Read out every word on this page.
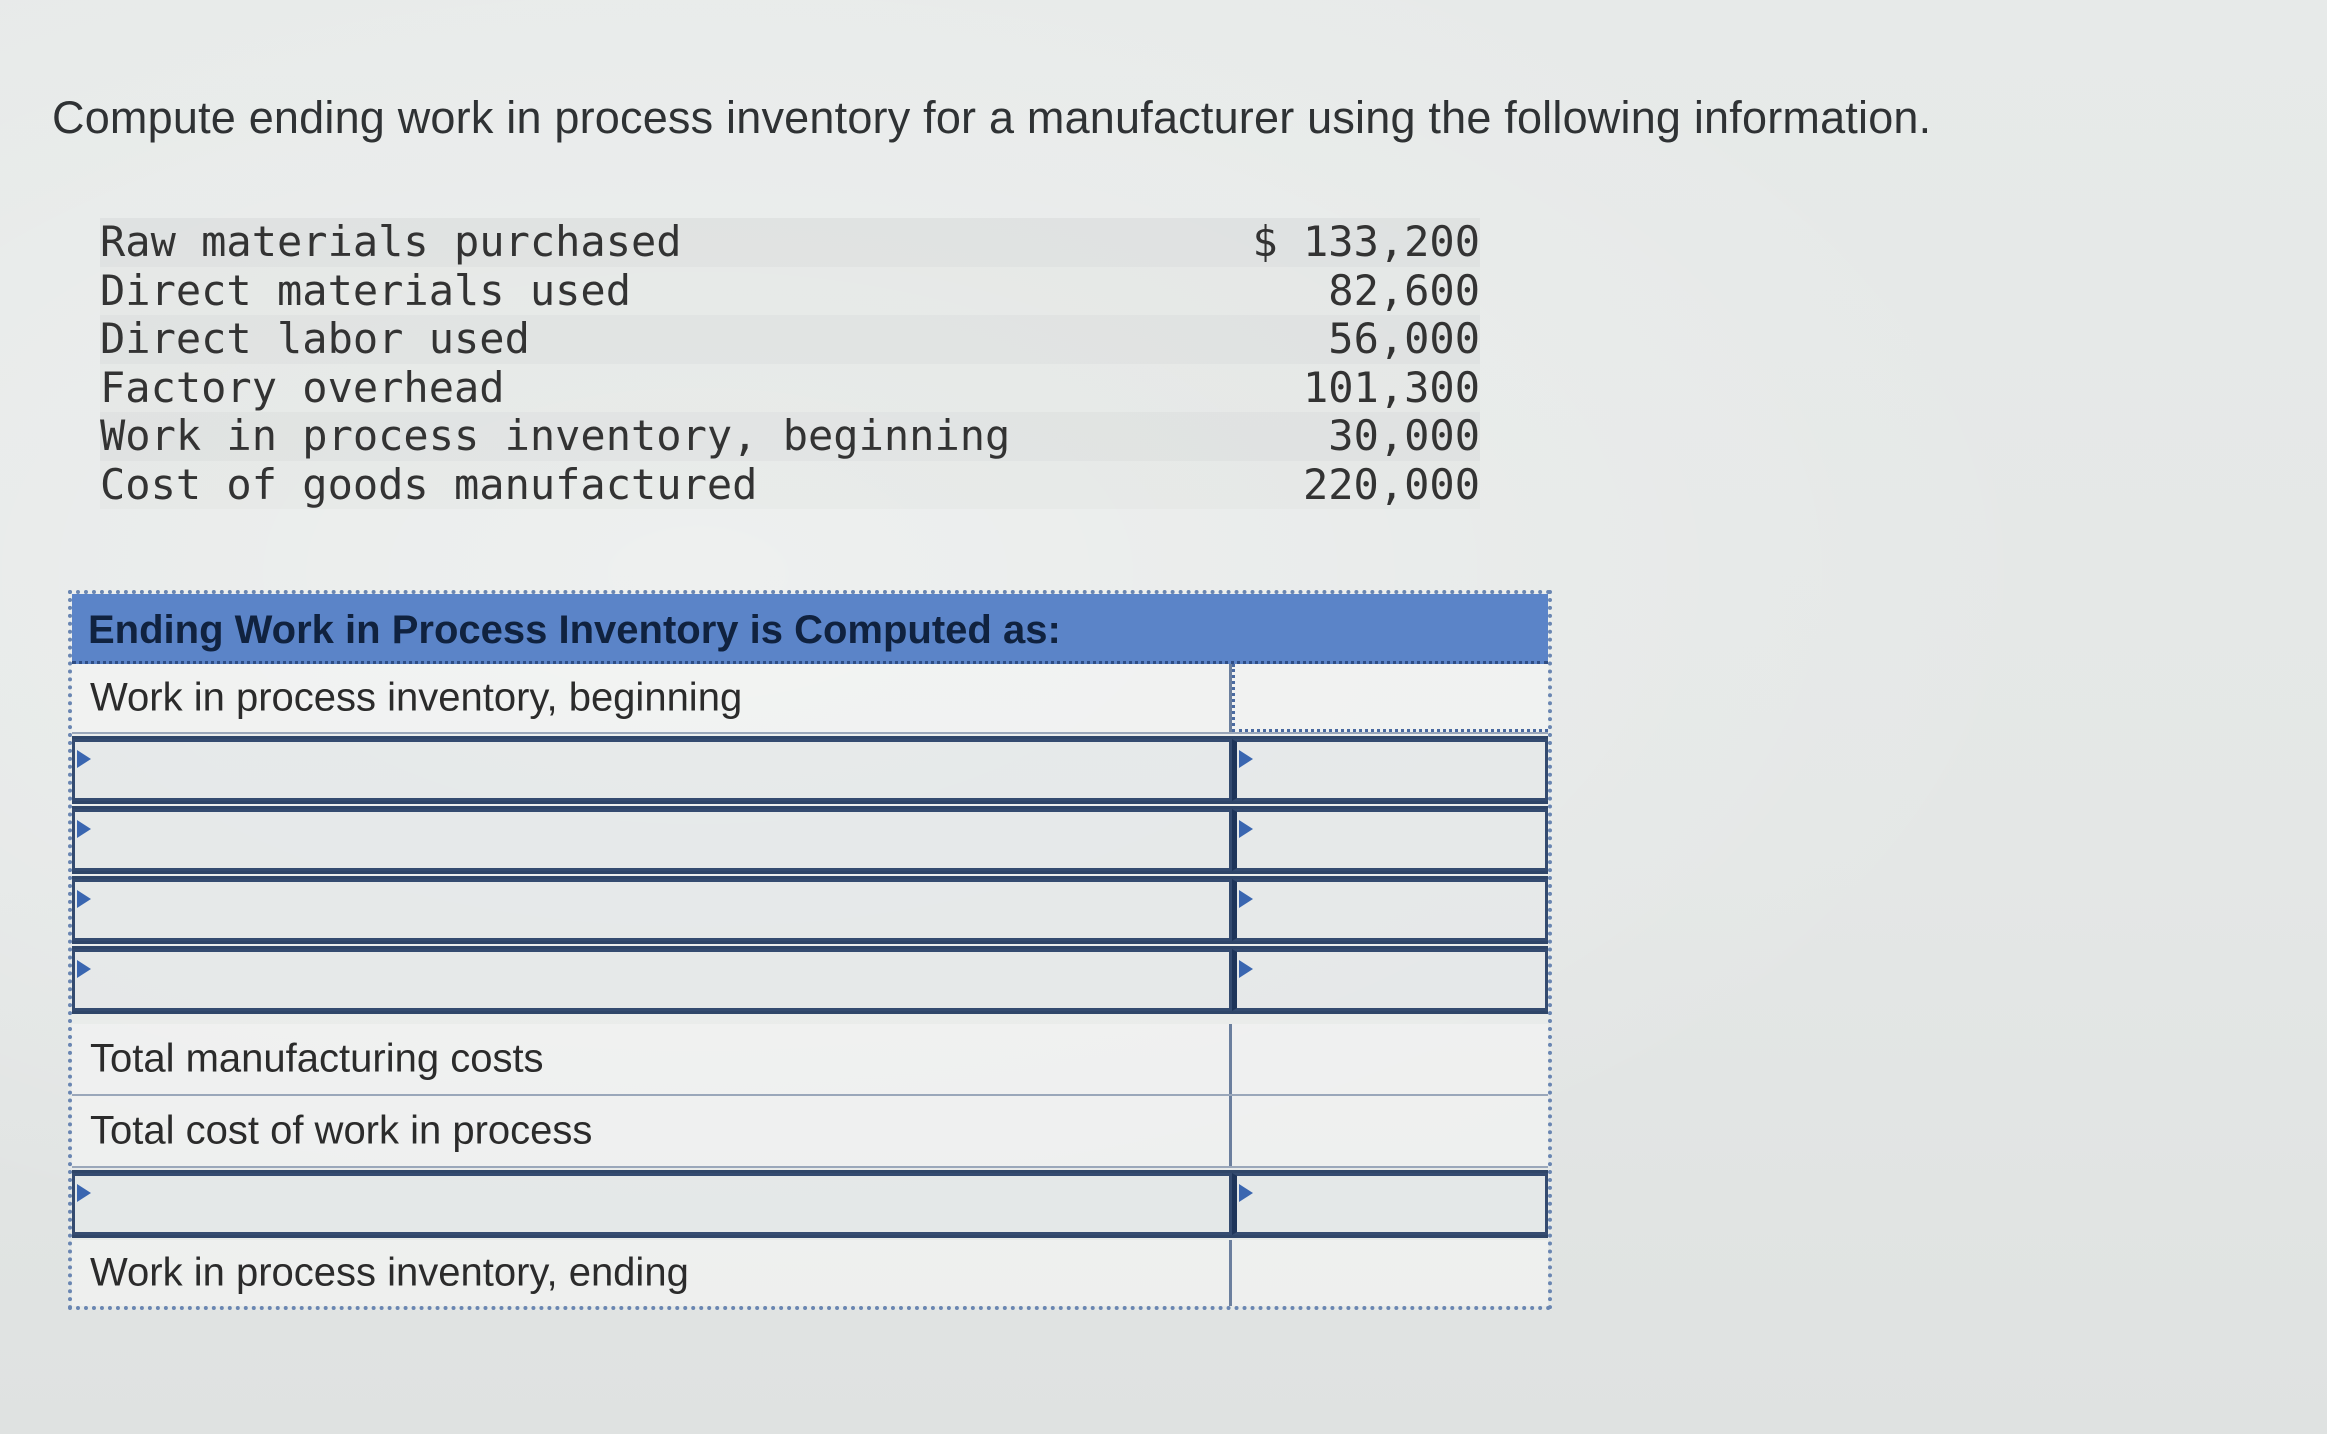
Compute ending work in process inventory for a manufacturer using the following information.
Raw materials purchased	$ 133,200
Direct materials used	82,600
Direct labor used	56,000
Factory overhead	101,300
Work in process inventory, beginning	30,000
Cost of goods manufactured	220,000
Ending Work in Process Inventory is Computed as:
Work in process inventory, beginning
Total manufacturing costs
Total cost of work in process
Work in process inventory, ending
